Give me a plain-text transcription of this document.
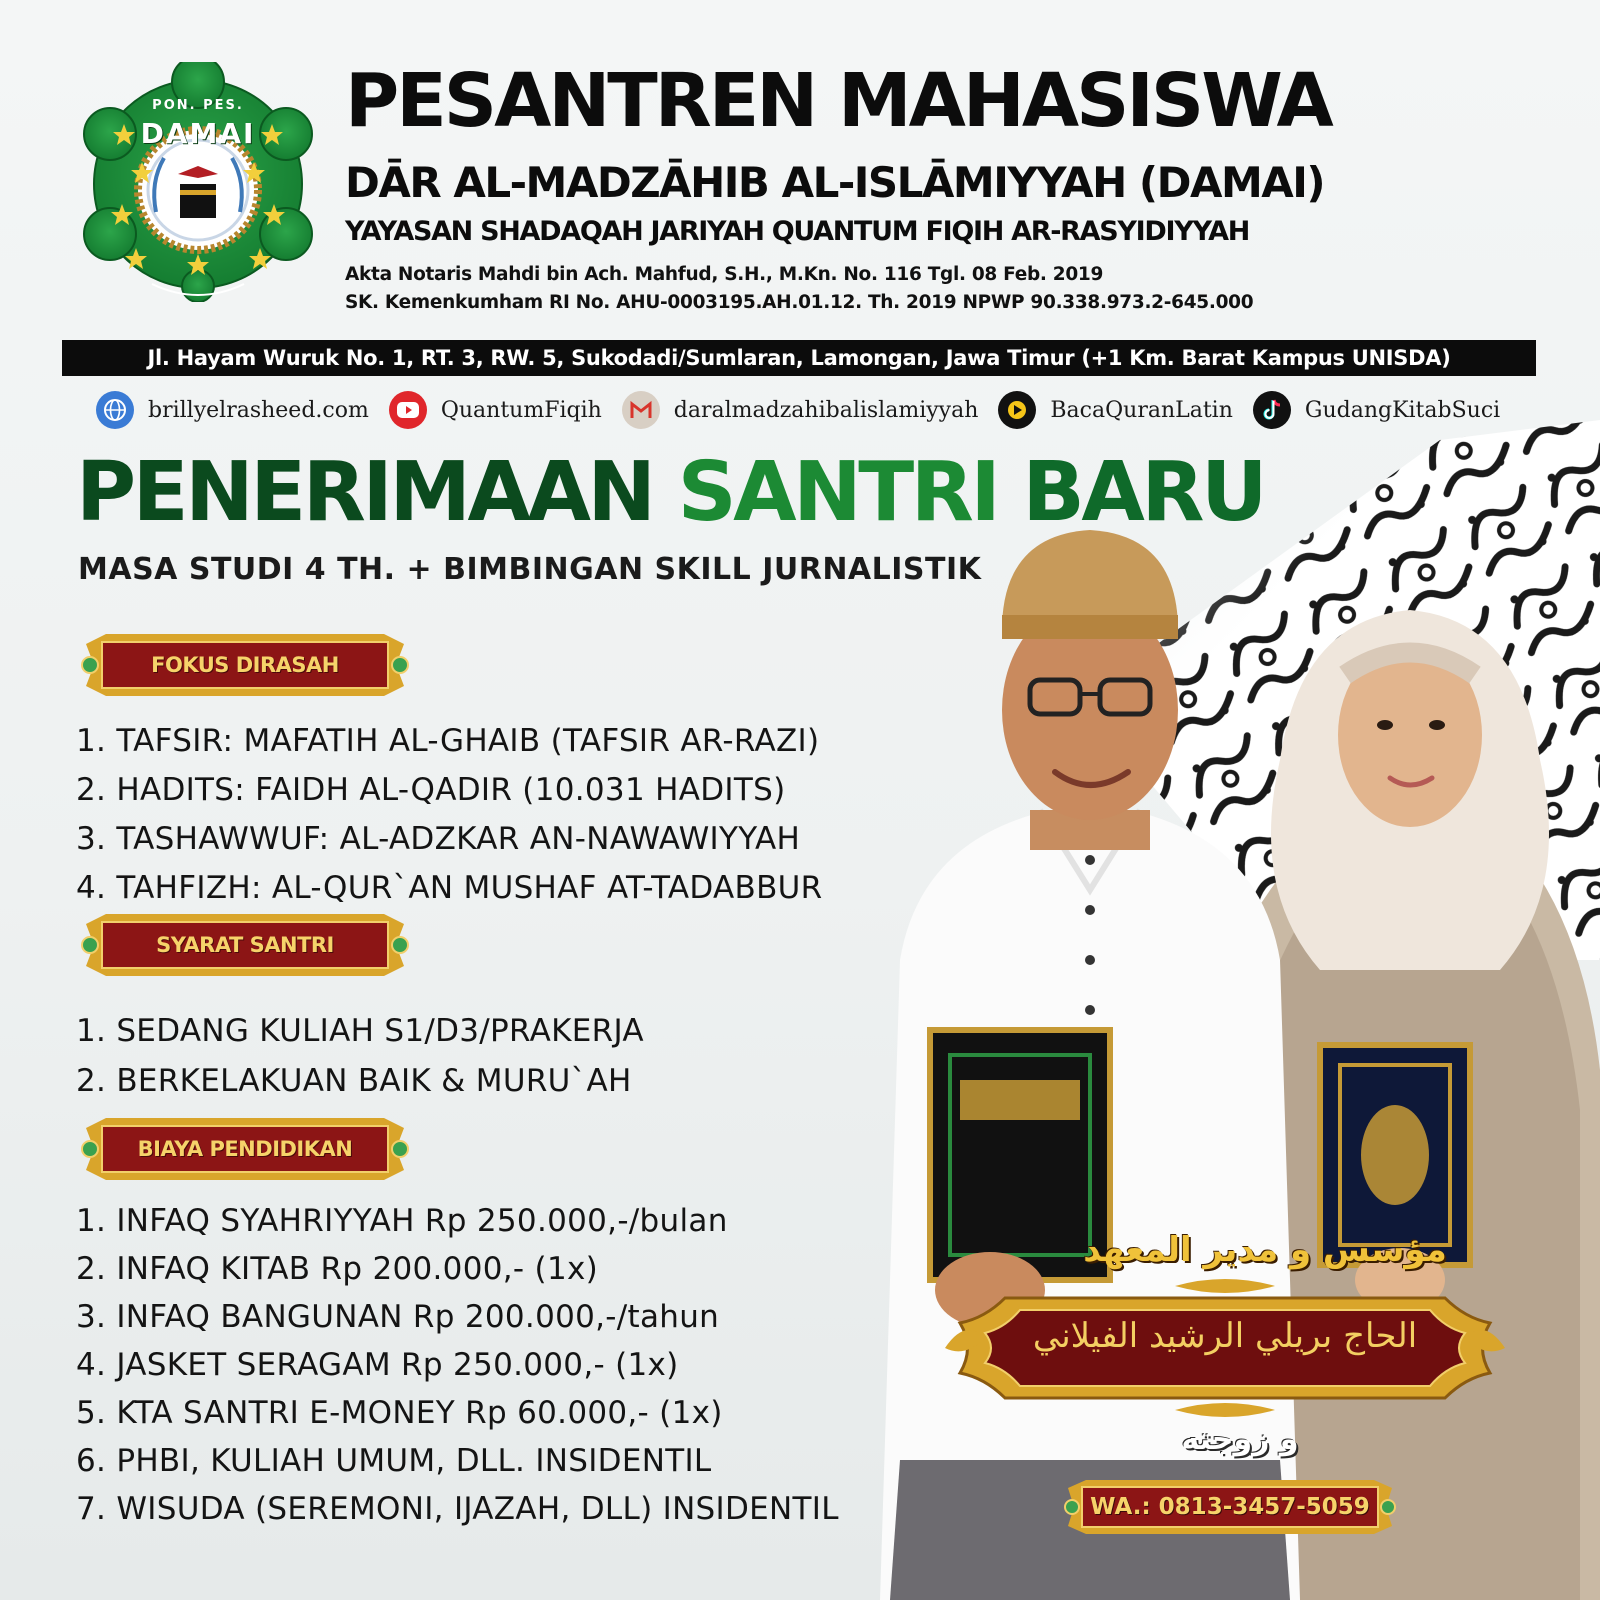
PON. PES.
DAMAI	PESANTREN MAHASISWA
DĀR AL-MADZĀHIB AL-ISLĀMIYYAH (DAMAI)
YAYASAN SHADAQAH JARIYAH QUANTUM FIQIH AR-RASYIDIYYAH
Akta Notaris Mahdi bin Ach. Mahfud, S.H., M.Kn. No. 116 Tgl. 08 Feb. 2019
SK. Kemenkumham RI No. AHU-0003195.AH.01.12. Th. 2019 NPWP 90.338.973.2-645.000
Jl. Hayam Wuruk No. 1, RT. 3, RW. 5, Sukodadi/Sumlaran, Lamongan, Jawa Timur (+1 Km. Barat Kampus UNISDA)
brillyelrasheed.com	QuantumFiqih	daralmadzahibalislamiyyah	BacaQuranLatin	GudangKitabSuci
PENERIMAAN SANTRI BARU
MASA STUDI 4 TH. + BIMBINGAN SKILL JURNALISTIK
FOKUS DIRASAH
1. TAFSIR: MAFATIH AL-GHAIB (TAFSIR AR-RAZI)
2. HADITS: FAIDH AL-QADIR (10.031 HADITS)
3. TASHAWWUF: AL-ADZKAR AN-NAWAWIYYAH
4. TAHFIZH: AL-QUR`AN MUSHAF AT-TADABBUR
SYARAT SANTRI
1. SEDANG KULIAH S1/D3/PRAKERJA
2. BERKELAKUAN BAIK & MURU`AH
BIAYA PENDIDIKAN
1. INFAQ SYAHRIYYAH Rp 250.000,-/bulan
2. INFAQ KITAB Rp 200.000,- (1x)
3. INFAQ BANGUNAN Rp 200.000,-/tahun
4. JASKET SERAGAM Rp 250.000,- (1x)
5. KTA SANTRI E-MONEY Rp 60.000,- (1x)
6. PHBI, KULIAH UMUM, DLL. INSIDENTIL
7. WISUDA (SEREMONI, IJAZAH, DLL) INSIDENTIL
مؤسس و مدير المعهد
الحاج بريلي الرشيد الفيلاني
و زوجته
WA.: 0813-3457-5059
